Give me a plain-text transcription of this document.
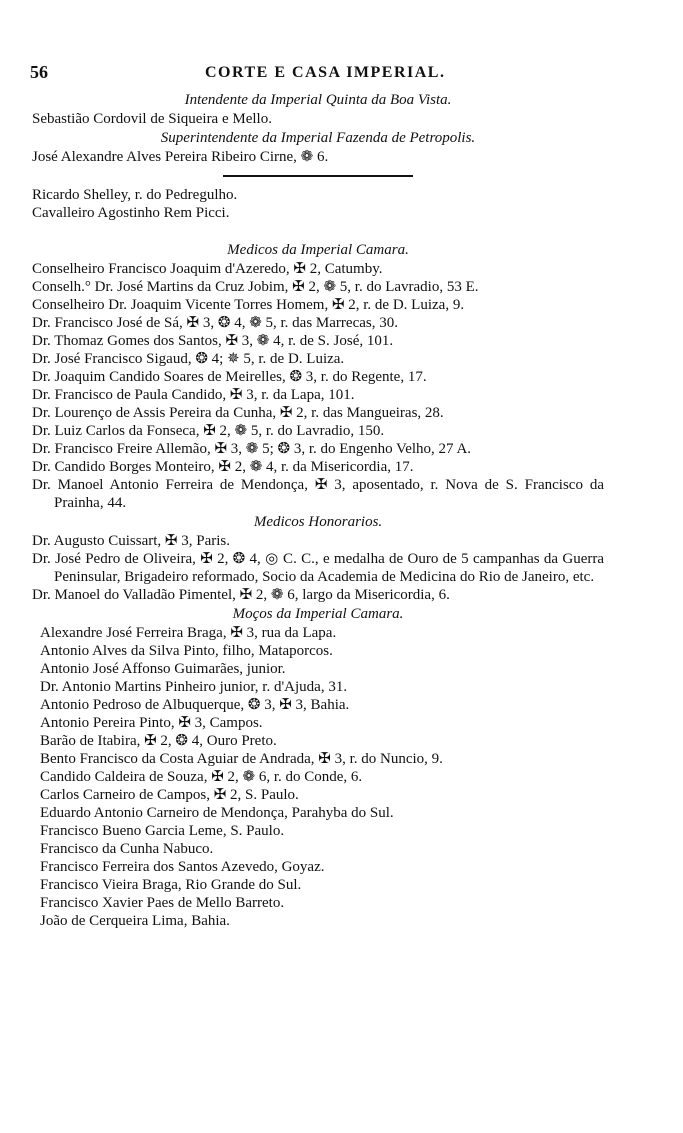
56	CORTE E CASA IMPERIAL.
Intendente da Imperial Quinta da Boa Vista.
Sebastião Cordovil de Siqueira e Mello.
Superintendente da Imperial Fazenda de Petropolis.
José Alexandre Alves Pereira Ribeiro Cirne, ❁ 6.
Ricardo Shelley, r. do Pedregulho.
Cavalleiro Agostinho Rem Picci.
Medicos da Imperial Camara.
Conselheiro Francisco Joaquim d'Azeredo, ✠ 2, Catumby.
Conselh.° Dr. José Martins da Cruz Jobim, ✠ 2, ❁ 5, r. do Lavradio, 53 E.
Conselheiro Dr. Joaquim Vicente Torres Homem, ✠ 2, r. de D. Luiza, 9.
Dr. Francisco José de Sá, ✠ 3, ❂ 4, ❁ 5, r. das Marrecas, 30.
Dr. Thomaz Gomes dos Santos, ✠ 3, ❁ 4, r. de S. José, 101.
Dr. José Francisco Sigaud, ❂ 4; ✵ 5, r. de D. Luiza.
Dr. Joaquim Candido Soares de Meirelles, ❂ 3, r. do Regente, 17.
Dr. Francisco de Paula Candido, ✠ 3, r. da Lapa, 101.
Dr. Lourenço de Assis Pereira da Cunha, ✠ 2, r. das Mangueiras, 28.
Dr. Luiz Carlos da Fonseca, ✠ 2, ❁ 5, r. do Lavradio, 150.
Dr. Francisco Freire Allemão, ✠ 3, ❁ 5; ❂ 3, r. do Engenho Velho, 27 A.
Dr. Candido Borges Monteiro, ✠ 2, ❁ 4, r. da Misericordia, 17.
Dr. Manoel Antonio Ferreira de Mendonça, ✠ 3, aposentado, r. Nova de S. Francisco da Prainha, 44.
Medicos Honorarios.
Dr. Augusto Cuissart, ✠ 3, Paris.
Dr. José Pedro de Oliveira, ✠ 2, ❂ 4, ◎ C. C., e medalha de Ouro de 5 campanhas da Guerra Peninsular, Brigadeiro reformado, Socio da Academia de Medicina do Rio de Janeiro, etc.
Dr. Manoel do Valladão Pimentel, ✠ 2, ❁ 6, largo da Misericordia, 6.
Moços da Imperial Camara.
Alexandre José Ferreira Braga, ✠ 3, rua da Lapa.
Antonio Alves da Silva Pinto, filho, Mataporcos.
Antonio José Affonso Guimarães, junior.
Dr. Antonio Martins Pinheiro junior, r. d'Ajuda, 31.
Antonio Pedroso de Albuquerque, ❂ 3, ✠ 3, Bahia.
Antonio Pereira Pinto, ✠ 3, Campos.
Barão de Itabira, ✠ 2, ❂ 4, Ouro Preto.
Bento Francisco da Costa Aguiar de Andrada, ✠ 3, r. do Nuncio, 9.
Candido Caldeira de Souza, ✠ 2, ❁ 6, r. do Conde, 6.
Carlos Carneiro de Campos, ✠ 2, S. Paulo.
Eduardo Antonio Carneiro de Mendonça, Parahyba do Sul.
Francisco Bueno Garcia Leme, S. Paulo.
Francisco da Cunha Nabuco.
Francisco Ferreira dos Santos Azevedo, Goyaz.
Francisco Vieira Braga, Rio Grande do Sul.
Francisco Xavier Paes de Mello Barreto.
João de Cerqueira Lima, Bahia.
